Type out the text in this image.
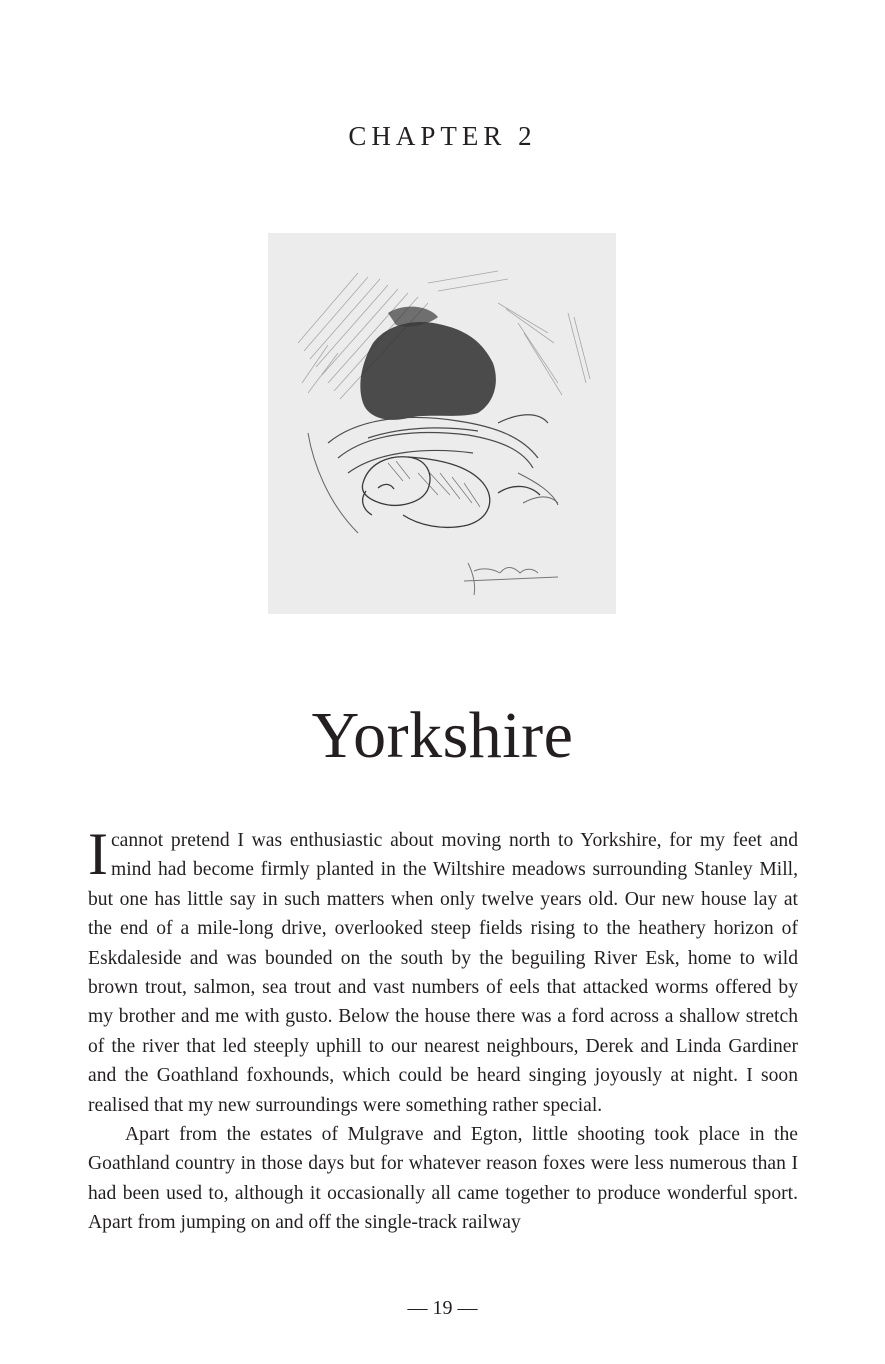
CHAPTER 2
Yorkshire

Icannot pretend I was enthusiastic about moving north to Yorkshire, for my feet and mind had become firmly planted in the Wiltshire meadows surrounding Stanley Mill, but one has little say in such matters when only twelve years old. Our new house lay at the end of a mile-long drive, overlooked steep fields rising to the heathery horizon of Eskdaleside and was bounded on the south by the beguiling River Esk, home to wild brown trout, salmon, sea trout and vast numbers of eels that attacked worms offered by my brother and me with gusto. Below the house there was a ford across a shallow stretch of the river that led steeply uphill to our nearest neighbours, Derek and Linda Gardiner and the Goathland foxhounds, which could be heard singing joyously at night. I soon realised that my new surroundings were something rather special.

Apart from the estates of Mulgrave and Egton, little shooting took place in the Goathland country in those days but for whatever reason foxes were less numerous than I had been used to, although it occasionally all came together to produce wonderful sport. Apart from jumping on and off the single-track railway

— 19 —
